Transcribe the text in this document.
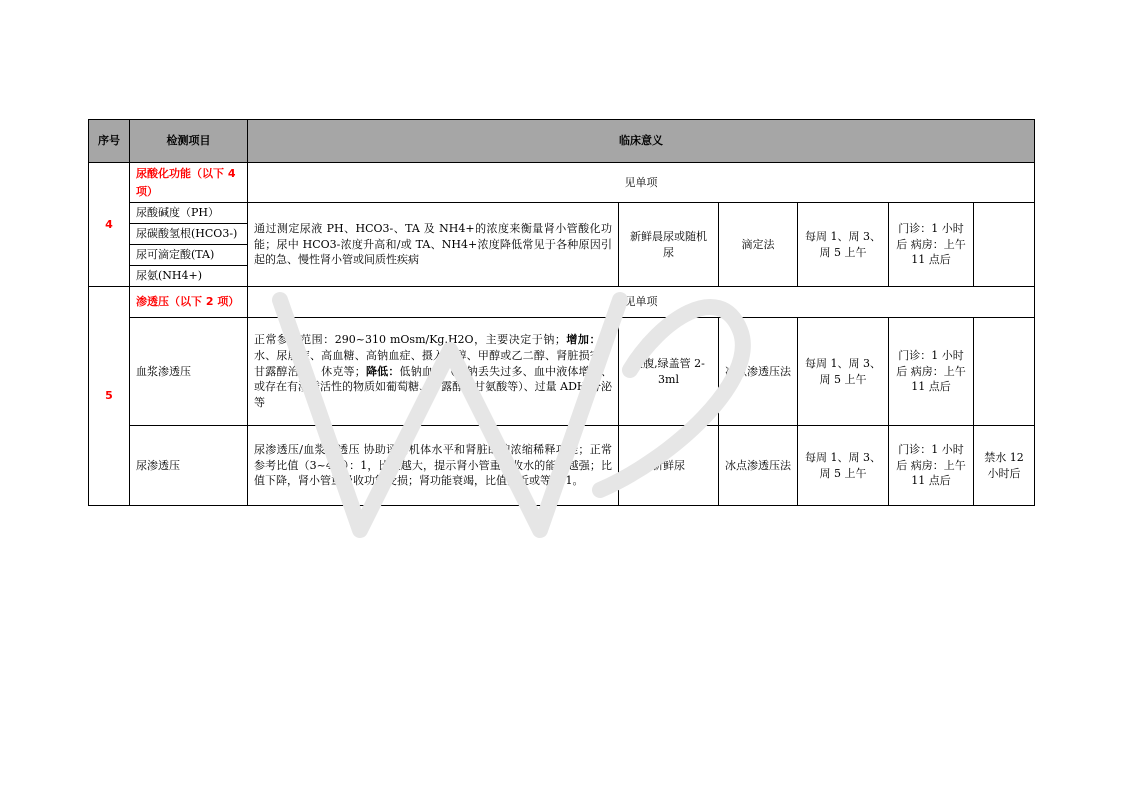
序号	检测项目	临床意义					
4	尿酸化功能（以下 4 项）	见单项					
	尿酸碱度（PH）	通过测定尿液 PH、HCO3-、TA 及 NH4+的浓度来衡量肾小管酸化功能；尿中 HCO3-浓度升高和/或 TA、NH4+浓度降低常见于各种原因引起的急、慢性肾小管或间质性疾病	新鲜晨尿或随机尿	滴定法	每周 1、周 3、周 5 上午	门诊：1 小时后 病房：上午 11 点后	
	尿碳酸氢根(HCO3-)						
	尿可滴定酸(TA)						
	尿氨(NH4+)						
5	渗透压（以下 2 项）	见单项					
	血浆渗透压	正常参考范围：290~310 mOsm/Kg.H2O，主要决定于钠；增加：脱水、尿崩症、高血糖、高钠血症、摄入乙醇、甲醇或乙二醇、肾脏损害、甘露醇治疗、休克等；降低：低钠血症（尿钠丢失过多、血中液体增加、或存在有渗透活性的物质如葡萄糖、甘露醇、甘氨酸等）、过量 ADH 分泌等	空腹,绿盖管 2-3ml	冰点渗透压法	每周 1、周 3、周 5 上午	门诊：1 小时后 病房：上午 11 点后	
	尿渗透压	尿渗透压/血浆渗透压 协助评估机体水平和肾脏的的浓缩稀释功能；正常参考比值（3~4.5）：1，比值越大，提示肾小管重吸收水的能力越强；比值下降，肾小管重吸收功能受损；肾功能衰竭，比值接近或等于 1。	新鲜尿	冰点渗透压法	每周 1、周 3、周 5 上午	门诊：1 小时后 病房：上午 11 点后	禁水 12 小时后
